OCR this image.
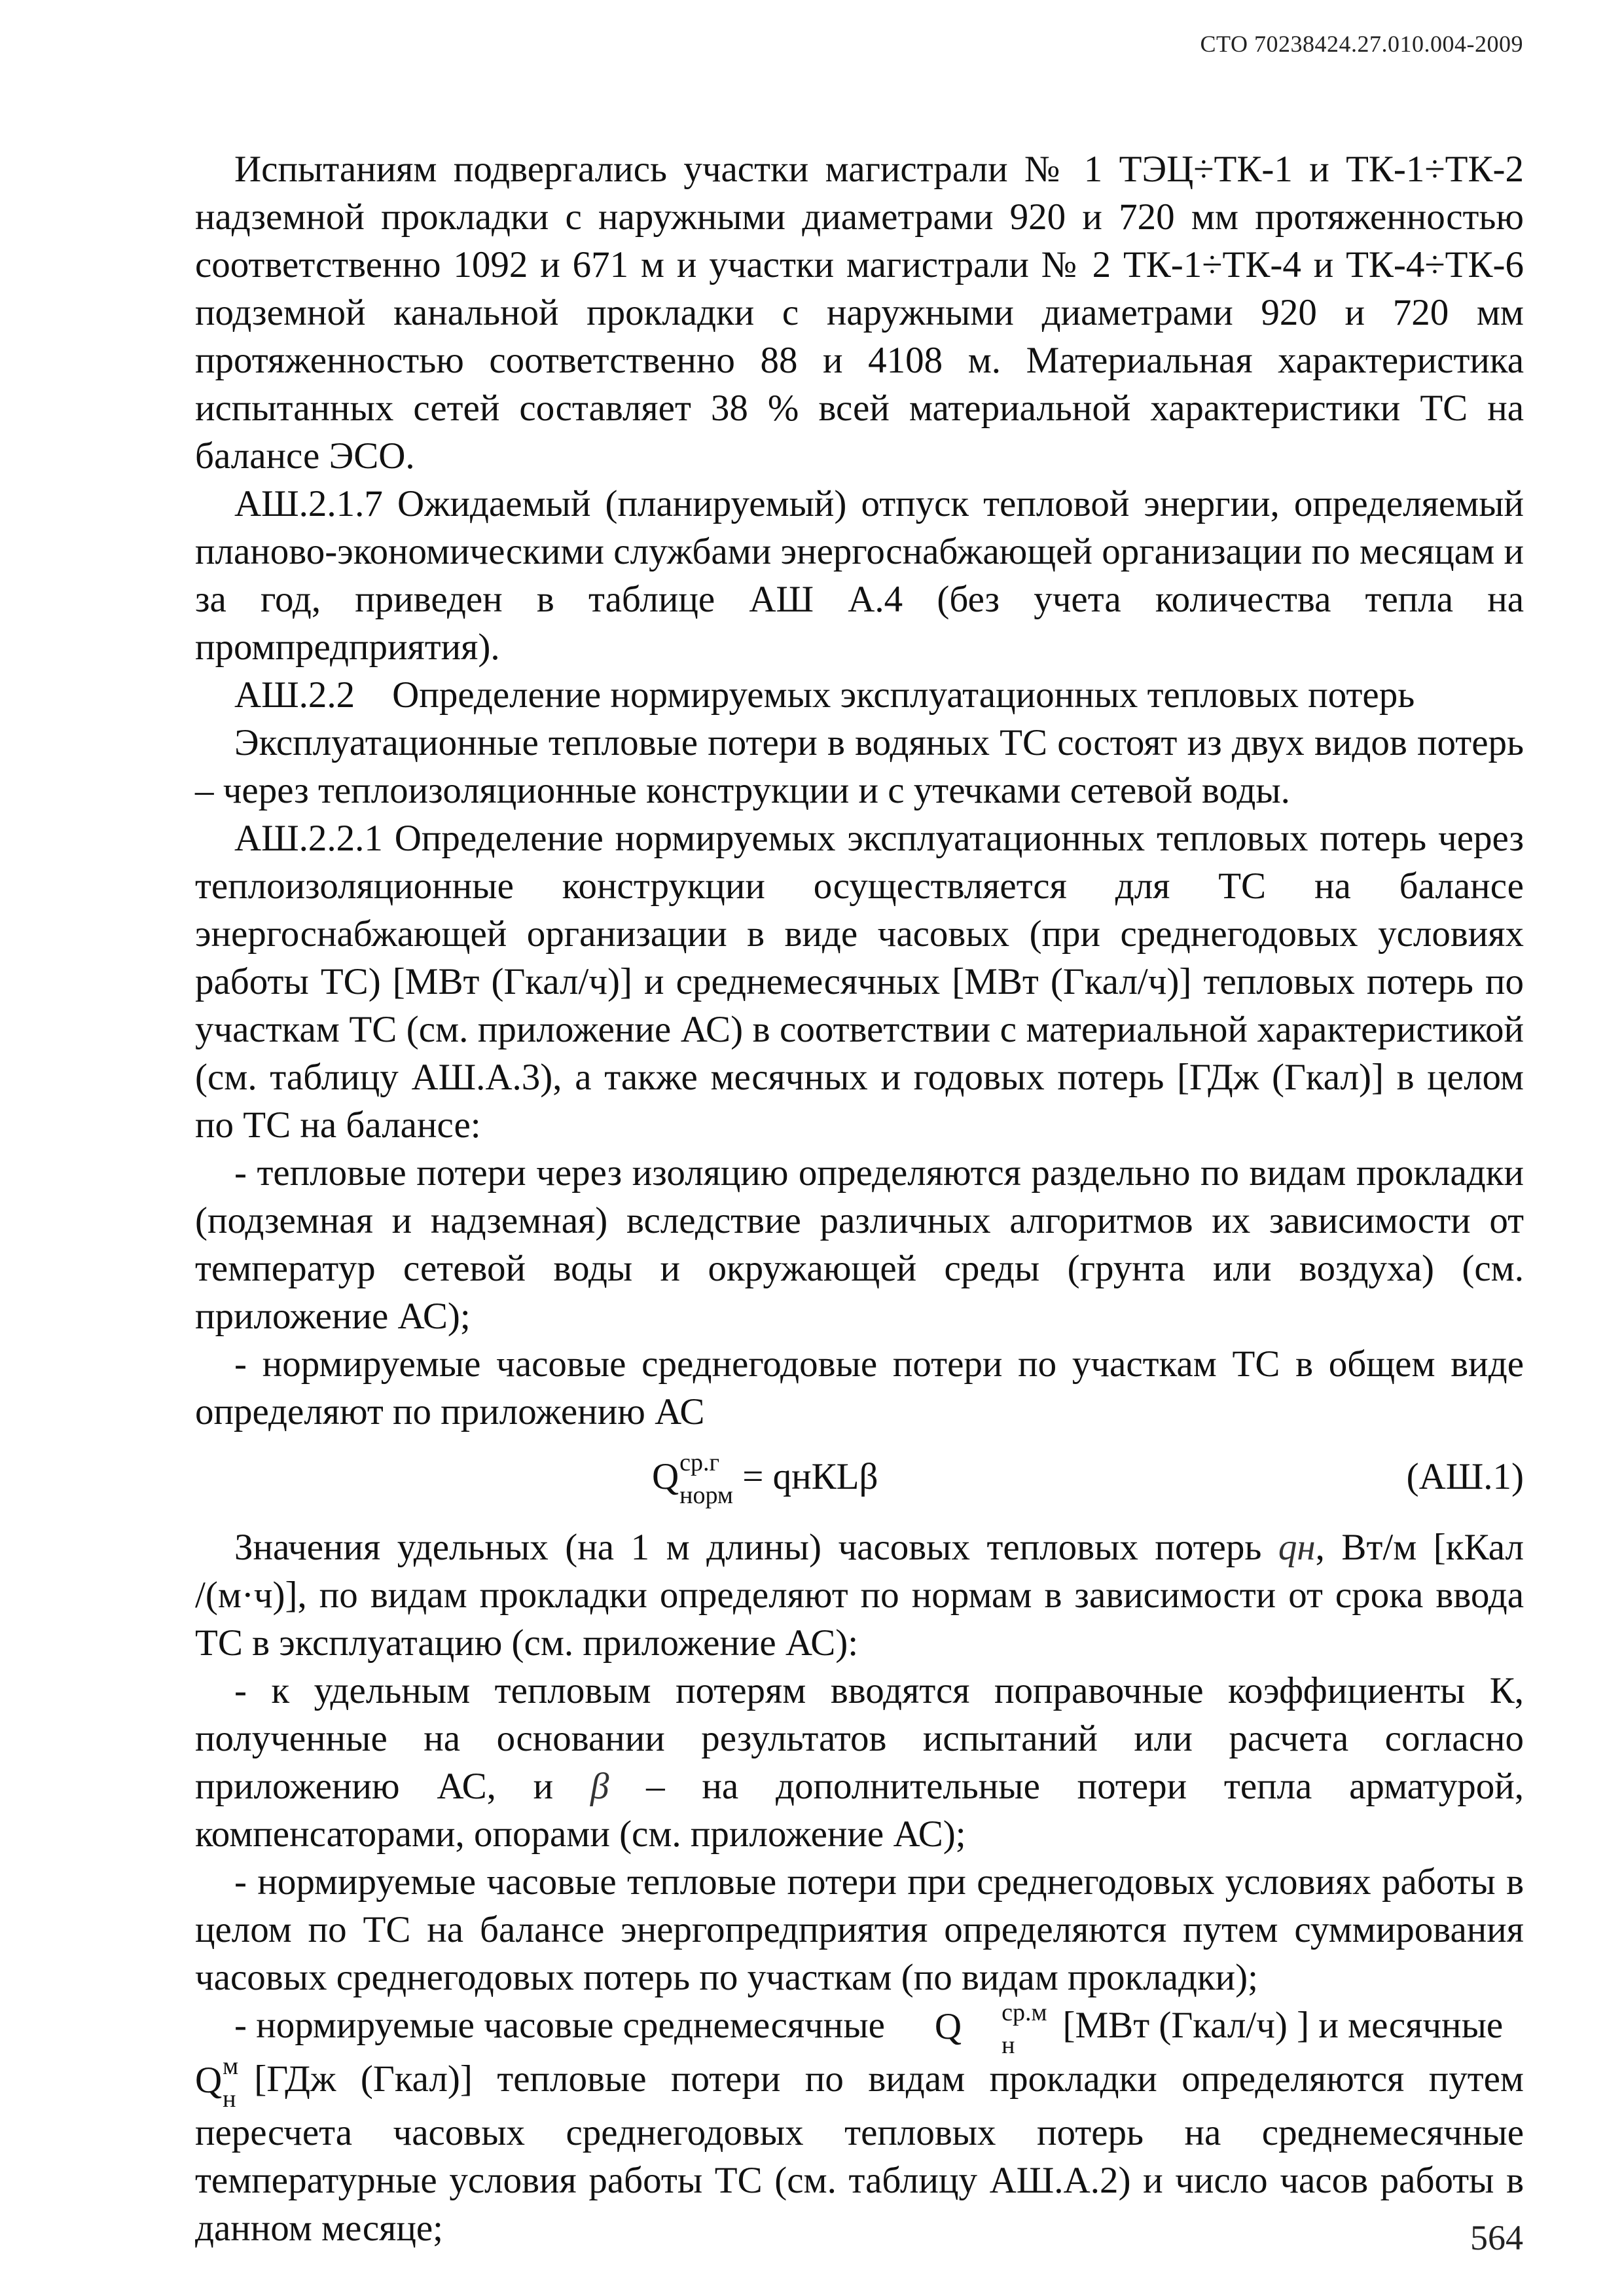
СТО 70238424.27.010.004-2009

Испытаниям подвергались участки магистрали № 1 ТЭЦ÷ТК-1 и ТК-1÷ТК-2 надземной прокладки с наружными диаметрами 920 и 720 мм протяженностью соответственно 1092 и 671 м и участки магистрали № 2 ТК-1÷ТК-4 и ТК-4÷ТК-6 подземной канальной прокладки с наружными диаметрами 920 и 720 мм протяженностью соответственно 88 и 4108 м. Материальная характеристика испытанных сетей составляет 38 % всей материальной характеристики ТС на балансе ЭСО.

АШ.2.1.7 Ожидаемый (планируемый) отпуск тепловой энергии, определяемый планово-экономическими службами энергоснабжающей организации по месяцам и за год, приведен в таблице АШ А.4 (без учета количества тепла на промпредприятия).

АШ.2.2    Определение нормируемых эксплуатационных тепловых потерь

Эксплуатационные тепловые потери в водяных ТС состоят из двух видов потерь – через теплоизоляционные конструкции и с утечками сетевой воды.

АШ.2.2.1 Определение нормируемых эксплуатационных тепловых потерь через теплоизоляционные конструкции осуществляется для ТС на балансе энергоснабжающей организации в виде часовых (при среднегодовых условиях работы ТС) [МВт (Гкал/ч)] и среднемесячных [МВт (Гкал/ч)] тепловых потерь по участкам ТС (см. приложение АС) в соответствии с материальной характеристикой (см. таблицу АШ.А.3), а также месячных и годовых потерь [ГДж (Гкал)] в целом по ТС на балансе:

- тепловые потери через изоляцию определяются раздельно по видам прокладки (подземная и надземная) вследствие различных алгоритмов их зависимости от температур сетевой воды и окружающей среды (грунта или воздуха) (см. приложение АС);

- нормируемые часовые среднегодовые потери по участкам ТС в общем виде определяют по приложению АС

Q ср.г
норм = qнКLβ	(АШ.1)

Значения удельных (на 1 м длины) часовых тепловых потерь qн, Вт/м [кКал /(м·ч)], по видам прокладки определяют по нормам в зависимости от срока ввода ТС в эксплуатацию (см. приложение АС):

- к удельным тепловым потерям вводятся поправочные коэффициенты К, полученные на основании результатов испытаний или расчета согласно приложению АС, и β – на дополнительные потери тепла арматурой, компенсаторами, опорами (см. приложение АС);

- нормируемые часовые тепловые потери при среднегодовых условиях работы в целом по ТС на балансе энергопредприятия определяются путем суммирования часовых среднегодовых потерь по участкам (по видам прокладки);

- нормируемые часовые среднемесячные Q	ср.м
н	[МВт (Гкал/ч) ] и месячные

Q м
н [ГДж (Гкал)] тепловые потери по видам прокладки определяются путем пересчета часовых среднегодовых тепловых потерь на среднемесячные температурные условия работы ТС (см. таблицу АШ.А.2) и число часов работы в данном месяце;	564
